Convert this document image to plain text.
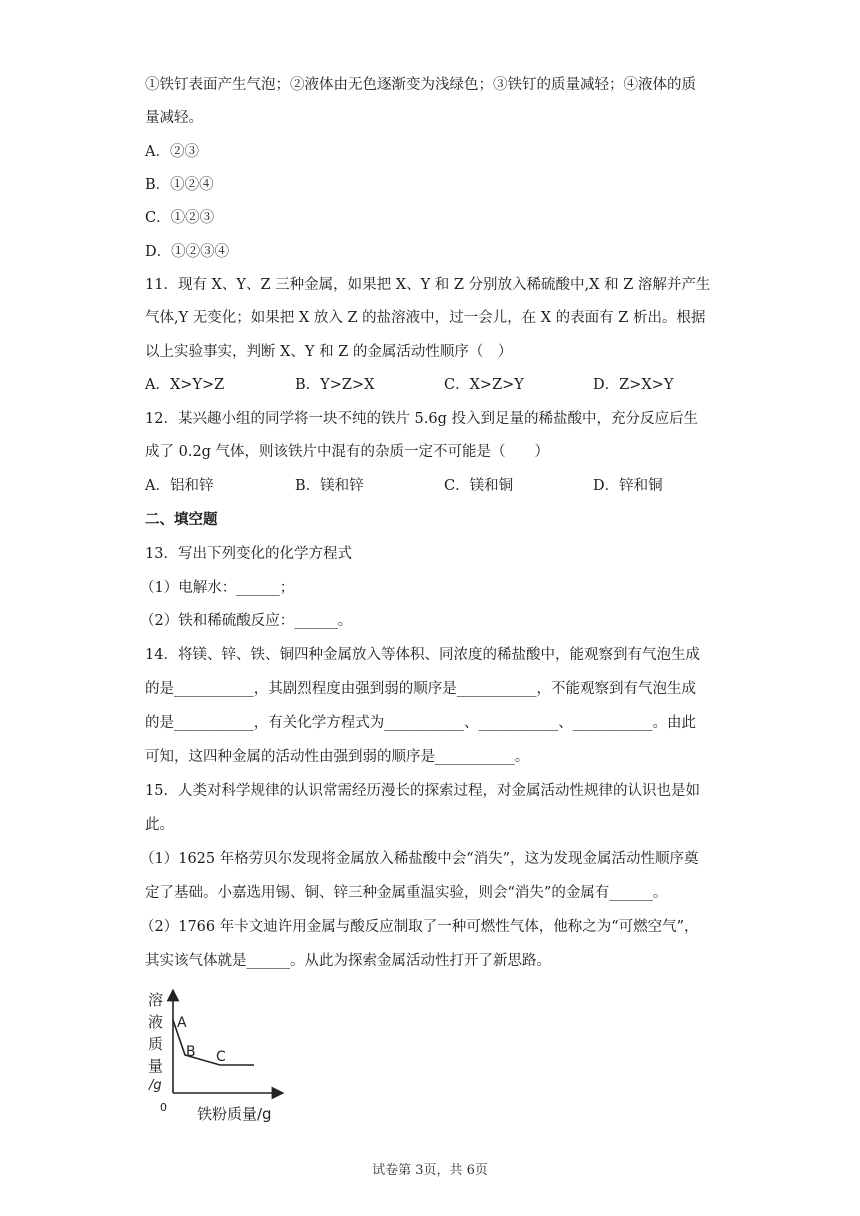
①铁钉表面产生气泡；②液体由无色逐渐变为浅绿色；③铁钉的质量减轻；④液体的质
量减轻。
A．②③
B．①②④
C．①②③
D．①②③④
11．现有 X、Y、Z 三种金属，如果把 X、Y 和 Z 分别放入稀硫酸中,X 和 Z 溶解并产生
气体,Y 无变化；如果把 X 放入 Z 的盐溶液中，过一会儿，在 X 的表面有 Z 析出。根据
以上实验事实，判断 X、Y 和 Z 的金属活动性顺序（　）
A．X>Y>Z	B．Y>Z>X	C．X>Z>Y	D．Z>X>Y
12．某兴趣小组的同学将一块不纯的铁片 5.6g 投入到足量的稀盐酸中，充分反应后生
成了 0.2g 气体，则该铁片中混有的杂质一定不可能是（　　）
A．铝和锌	B．镁和锌	C．镁和铜	D．锌和铜
二、填空题
13．写出下列变化的化学方程式
（1）电解水：______；
（2）铁和稀硫酸反应：______。
14．将镁、锌、铁、铜四种金属放入等体积、同浓度的稀盐酸中，能观察到有气泡生成
的是___________，其剧烈程度由强到弱的顺序是___________，不能观察到有气泡生成
的是___________，有关化学方程式为___________、___________、___________。由此
可知，这四种金属的活动性由强到弱的顺序是___________。
15．人类对科学规律的认识常需经历漫长的探索过程，对金属活动性规律的认识也是如
此。
（1）1625 年格劳贝尔发现将金属放入稀盐酸中会“消失”，这为发现金属活动性顺序奠
定了基础。小嘉选用锡、铜、锌三种金属重温实验，则会“消失”的金属有______。
（2）1766 年卡文迪许用金属与酸反应制取了一种可燃性气体，他称之为“可燃空气”，
其实该气体就是______。从此为探索金属活动性打开了新思路。
溶
液
质
量
/g
0
A
B C
铁粉质量/g
试卷第 3页，共 6页
